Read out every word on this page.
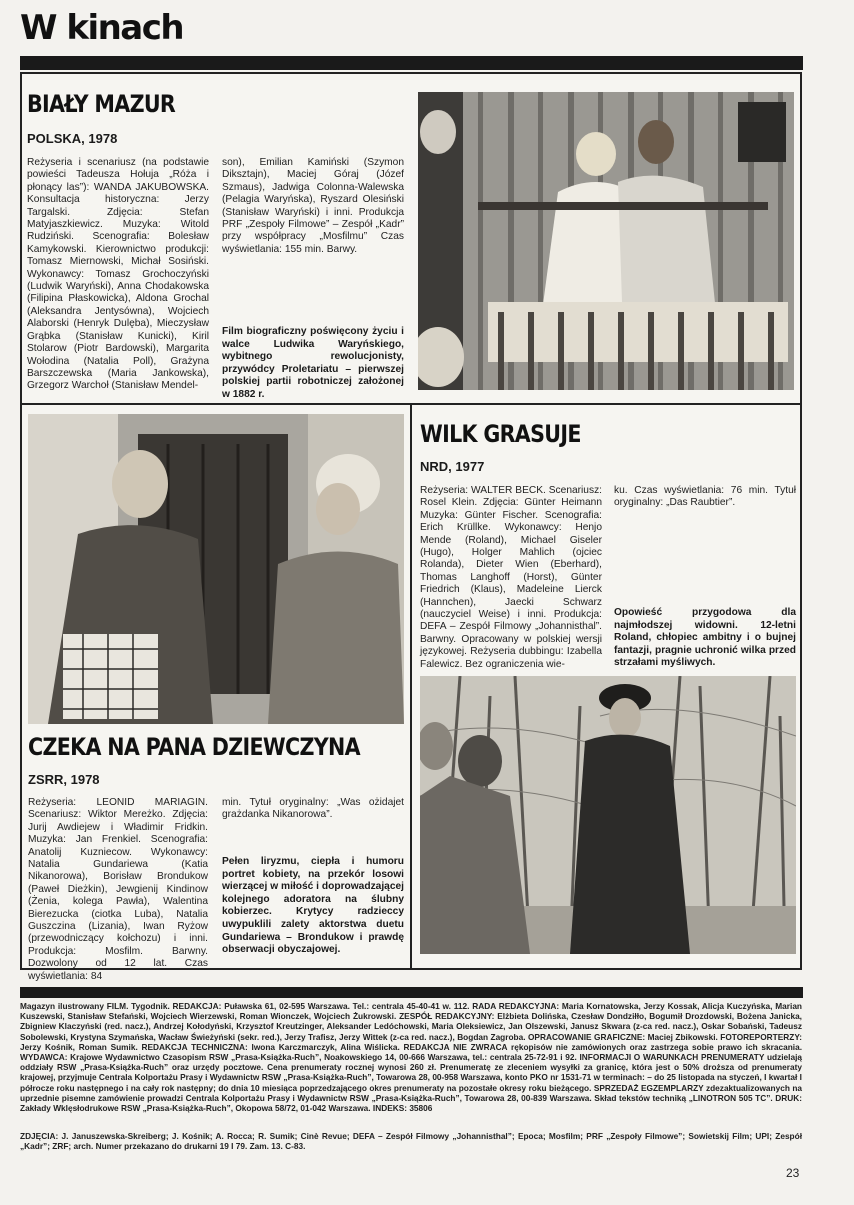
W kinach
BIAŁY MAZUR

POLSKA, 1978

Reżyseria i scenariusz (na podstawie powieści Tadeusza Hołuja „Róża i płonący las”): WANDA JAKUBOWSKA. Konsultacja historyczna: Jerzy Targalski. Zdjęcia: Stefan Matyjaszkiewicz. Muzyka: Witold Rudziński. Scenografia: Bolesław Kamykowski. Kierownictwo produkcji: Tomasz Miernowski, Michał Sosiński. Wykonawcy: Tomasz Grochoczyński (Ludwik Waryński), Anna Chodakowska (Filipina Płaskowicka), Aldona Grochal (Aleksandra Jentysówna), Wojciech Alaborski (Henryk Dulęba), Mieczysław Grąbka (Stanisław Kunicki), Kiril Stolarow (Piotr Bardowski), Margarita Wołodina (Natalia Poll), Grażyna Barszczewska (Maria Jankowska), Grzegorz Warchoł (Stanisław Mendel-

son), Emilian Kamiński (Szymon Diksztajn), Maciej Góraj (Józef Szmaus), Jadwiga Colonna-Walewska (Pelagia Waryńska), Ryszard Olesiński (Stanisław Waryński) i inni. Produkcja PRF „Zespoły Filmowe” – Zespół „Kadr” przy współpracy „Mosfilmu” Czas wyświetlania: 155 min. Barwy.

Film biograficzny poświęcony życiu i walce Ludwika Waryńskiego, wybitnego rewolucjonisty, przywódcy Proletariatu – pierwszej polskiej partii robotniczej założonej w 1882 r.

WILK GRASUJE

NRD, 1977

Reżyseria: WALTER BECK. Scenariusz: Rosel Klein. Zdjęcia: Günter Heimann Muzyka: Günter Fischer. Scenografia: Erich Krüllke. Wykonawcy: Henjo Mende (Roland), Michael Giseler (Hugo), Holger Mahlich (ojciec Rolanda), Dieter Wien (Eberhard), Thomas Langhoff (Horst), Günter Friedrich (Klaus), Madeleine Lierck (Hannchen), Jaecki Schwarz (nauczyciel Weise) i inni. Produkcja: DEFA – Zespół Filmowy „Johannisthal”. Barwny. Opracowany w polskiej wersji językowej. Reżyseria dubbingu: Izabella Falewicz. Bez ograniczenia wie-

ku. Czas wyświetlania: 76 min. Tytuł oryginalny: „Das Raubtier”.

Opowieść przygodowa dla najmłodszej widowni. 12-letni Roland, chłopiec ambitny i o bujnej fantazji, pragnie uchronić wilka przed strzałami myśliwych.

CZEKA NA PANA DZIEWCZYNA

ZSRR, 1978

Reżyseria: LEONID MARIAGIN. Scenariusz: Wiktor Mereżko. Zdjęcia: Jurij Awdiejew i Władimir Fridkin. Muzyka: Jan Frenkiel. Scenografia: Anatolij Kuzniecow. Wykonawcy: Natalia Gundariewa (Katia Nikanorowa), Borisław Brondukow (Paweł Dieżkin), Jewgienij Kindinow (Żenia, kolega Pawła), Walentina Bierezucka (ciotka Luba), Natalia Guszczina (Lizania), Iwan Ryżow (przewodniczący kołchozu) i inni. Produkcja: Mosfilm. Barwny. Dozwolony od 12 lat. Czas wyświetlania: 84

min. Tytuł oryginalny: „Was ożidajet grażdanka Nikanorowa”.

Pełen liryzmu, ciepła i humoru portret kobiety, na przekór losowi wierzącej w miłość i doprowadzającej kolejnego adoratora na ślubny kobierzec. Krytycy radzieccy uwypuklili zalety aktorstwa duetu Gundariewa – Brondukow i prawdę obserwacji obyczajowej.

Magazyn ilustrowany FILM. Tygodnik. REDAKCJA: Puławska 61, 02-595 Warszawa. Tel.: centrala 45-40-41 w. 112. RADA REDAKCYJNA: Maria Kornatowska, Jerzy Kossak, Alicja Kuczyńska, Marian Kuszewski, Stanisław Stefański, Wojciech Wierzewski, Roman Wionczek, Wojciech Żukrowski. ZESPÓŁ REDAKCYJNY: Elżbieta Dolińska, Czesław Dondziłło, Bogumił Drozdowski, Bożena Janicka, Zbigniew Klaczyński (red. nacz.), Andrzej Kołodyński, Krzysztof Kreutzinger, Aleksander Ledóchowski, Maria Oleksiewicz, Jan Olszewski, Janusz Skwara (z-ca red. nacz.), Oskar Sobański, Tadeusz Sobolewski, Krystyna Szymańska, Wacław Świeżyński (sekr. red.), Jerzy Trafisz, Jerzy Wittek (z-ca red. nacz.), Bogdan Zagroba. OPRACOWANIE GRAFICZNE: Maciej Zbikowski. FOTOREPORTERZY: Jerzy Kośnik, Roman Sumik. REDAKCJA TECHNICZNA: Iwona Karczmarczyk, Alina Wiślicka. REDAKCJA NIE ZWRACA rękopisów nie zamówionych oraz zastrzega sobie prawo ich skracania. WYDAWCA: Krajowe Wydawnictwo Czasopism RSW „Prasa-Książka-Ruch”, Noakowskiego 14, 00-666 Warszawa, tel.: centrala 25-72-91 i 92. INFORMACJI O WARUNKACH PRENUMERATY udzielają oddziały RSW „Prasa-Książka-Ruch” oraz urzędy pocztowe. Cena prenumeraty rocznej wynosi 260 zł. Prenumeratę ze zleceniem wysyłki za granicę, która jest o 50% droższa od prenumeraty krajowej, przyjmuje Centrala Kolportażu Prasy i Wydawnictw RSW „Prasa-Książka-Ruch”, Towarowa 28, 00-958 Warszawa, konto PKO nr 1531-71 w terminach: – do 25 listopada na styczeń, I kwartał I półrocze roku następnego i na cały rok następny; do dnia 10 miesiąca poprzedzającego okres prenumeraty na pozostałe okresy roku bieżącego. SPRZEDAŻ EGZEMPLARZY zdezaktualizowanych na uprzednie pisemne zamówienie prowadzi Centrala Kolportażu Prasy i Wydawnictw RSW „Prasa-Książka-Ruch”, Towarowa 28, 00-839 Warszawa. Skład tekstów techniką „LINOTRON 505 TC”. DRUK: Zakłady Wklęsłodrukowe RSW „Prasa-Książka-Ruch”, Okopowa 58/72, 01-042 Warszawa. INDEKS: 35806

ZDJĘCIA: J. Januszewska-Skreiberg; J. Kośnik; A. Rocca; R. Sumik; Cinè Revue; DEFA – Zespół Filmowy „Johannisthal”; Epoca; Mosfilm; PRF „Zespoły Filmowe”; Sowietskij Film; UPI; Zespół „Kadr”; ZRF; arch. Numer przekazano do drukarni 19 I 79. Zam. 13. C-83.

23
